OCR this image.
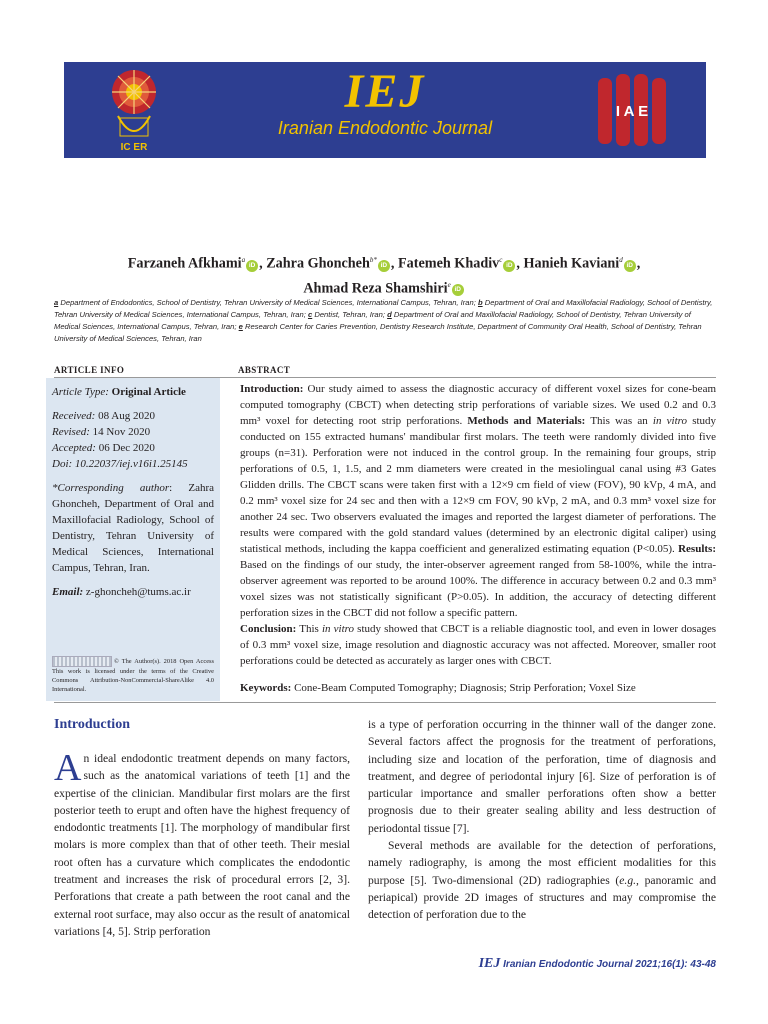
IC ER
IEJ
Iranian Endodontic Journal
I A E
Farzaneh Afkhami$^a$iD , Zahra Ghoncheh$^{b*}$iD , Fatemeh Khadiv$^c$iD , Hanieh Kaviani$^d$iD ,
Ahmad Reza Shamshiri$^e$iD
a Department of Endodontics, School of Dentistry, Tehran University of Medical Sciences, International Campus, Tehran, Iran; b Department of Oral and Maxillofacial Radiology, School of Dentistry, Tehran University of Medical Sciences, International Campus, Tehran, Iran; c Dentist, Tehran, Iran; d Department of Oral and Maxillofacial Radiology, School of Dentistry, Tehran University of Medical Sciences, International Campus, Tehran, Iran; e Research Center for Caries Prevention, Dentistry Research Institute, Department of Community Oral Health, School of Dentistry, Tehran University of Medical Sciences, Tehran, Iran
ARTICLE INFO	ABSTRACT
Article Type: Original Article
Received: 08 Aug 2020
Revised: 14 Nov 2020
Accepted: 06 Dec 2020
Doi: 10.22037/iej.v16i1.25145
*Corresponding author: Zahra Ghoncheh, Department of Oral and Maxillofacial Radiology, School of Dentistry, Tehran University of Medical Sciences, International Campus, Tehran, Iran.
Email: z-ghoncheh@tums.ac.ir
© The Author(s). 2018 Open Access This work is licensed under the terms of the Creative Commons Attribution-NonCommercial-ShareAlike 4.0 International.
Introduction: Our study aimed to assess the diagnostic accuracy of different voxel sizes for cone-beam computed tomography (CBCT) when detecting strip perforations of variable sizes. We used 0.2 and 0.3 mm³ voxel for detecting root strip perforations. Methods and Materials: This was an in vitro study conducted on 155 extracted humans' mandibular first molars. The teeth were randomly divided into five groups (n=31). Perforation were not induced in the control group. In the remaining four groups, strip perforations of 0.5, 1, 1.5, and 2 mm diameters were created in the mesiolingual canal using #3 Gates Glidden drills. The CBCT scans were taken first with a 12×9 cm field of view (FOV), 90 kVp, 4 mA, and 0.2 mm³ voxel size for 24 sec and then with a 12×9 cm FOV, 90 kVp, 2 mA, and 0.3 mm³ voxel size for another 24 sec. Two observers evaluated the images and reported the largest diameter of perforations. The results were compared with the gold standard values (determined by an electronic digital caliper) using statistical methods, including the kappa coefficient and generalized estimating equation (P<0.05). Results: Based on the findings of our study, the inter-observer agreement ranged from 58-100%, while the intra-observer agreement was reported to be around 100%. The difference in accuracy between 0.2 and 0.3 mm³ voxel sizes was not statistically significant (P>0.05). In addition, the accuracy of detecting different perforation sizes in the CBCT did not follow a specific pattern.
Conclusion: This in vitro study showed that CBCT is a reliable diagnostic tool, and even in lower dosages of 0.3 mm³ voxel size, image resolution and diagnostic accuracy was not affected. Moreover, smaller root perforations could be detected as accurately as larger ones with CBCT.
Keywords: Cone-Beam Computed Tomography; Diagnosis; Strip Perforation; Voxel Size
Introduction
An ideal endodontic treatment depends on many factors, such as the anatomical variations of teeth [1] and the expertise of the clinician. Mandibular first molars are the first posterior teeth to erupt and often have the highest frequency of endodontic treatments [1]. The morphology of mandibular first molars is more complex than that of other teeth. Their mesial root often has a curvature which complicates the endodontic treatment and increases the risk of procedural errors [2, 3]. Perforations that create a path between the root canal and the external root surface, may also occur as the result of anatomical variations [4, 5]. Strip perforation

is a type of perforation occurring in the thinner wall of the danger zone. Several factors affect the prognosis for the treatment of perforations, including size and location of the perforation, time of diagnosis and treatment, and degree of periodontal injury [6]. Size of perforation is of particular importance and smaller perforations often show a better prognosis due to their greater sealing ability and less destruction of periodontal tissue [7].

Several methods are available for the detection of perforations, namely radiography, is among the most efficient modalities for this purpose [5]. Two-dimensional (2D) radiographies (e.g., panoramic and periapical) provide 2D images of structures and may compromise the detection of perforation due to the

IEJ Iranian Endodontic Journal 2021;16(1): 43-48
